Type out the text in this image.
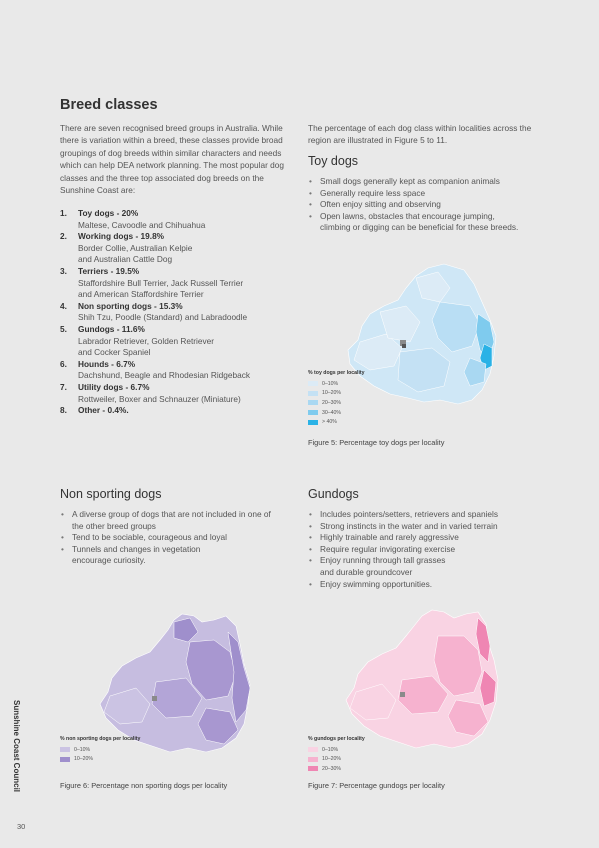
Breed classes

There are seven recognised breed groups in Australia. While there is variation within a breed, these classes provide broad groupings of dog breeds within similar characters and needs which can help DEA network planning. The most popular dog classes and the three top associated dog breeds on the Sunshine Coast are:

1. Toy dogs - 20%
Maltese, Cavoodle and Chihuahua
2. Working dogs - 19.8%
Border Collie, Australian Kelpie
and Australian Cattle Dog
3. Terriers - 19.5%
Staffordshire Bull Terrier, Jack Russell Terrier
and American Staffordshire Terrier
4. Non sporting dogs - 15.3%
Shih Tzu, Poodle (Standard) and Labradoodle
5. Gundogs - 11.6%
Labrador Retriever, Golden Retriever
and Cocker Spaniel
6. Hounds - 6.7%
Dachshund, Beagle and Rhodesian Ridgeback
7. Utility dogs - 6.7%
Rottweiler, Boxer and Schnauzer (Miniature)
8. Other - 0.4%.

The percentage of each dog class within localities across the region are illustrated in Figure 5 to 11.

Toy dogs
• Small dogs generally kept as companion animals
• Generally require less space
• Often enjoy sitting and observing
• Open lawns, obstacles that encourage jumping,
climbing or digging can be beneficial for these breeds.
% toy dogs per locality
0–10%
10–20%
20–30%
30–40%
> 40%
Figure 5: Percentage toy dogs per locality
Non sporting dogs
• A diverse group of dogs that are not included in one of
the other breed groups
• Tend to be sociable, courageous and loyal
• Tunnels and changes in vegetation
encourage curiosity.
% non sporting dogs per locality
0–10%
10–20%
Figure 6: Percentage non sporting dogs per locality
Gundogs
• Includes pointers/setters, retrievers and spaniels
• Strong instincts in the water and in varied terrain
• Highly trainable and rarely aggressive
• Require regular invigorating exercise
• Enjoy running through tall grasses
and durable groundcover
• Enjoy swimming opportunities.
% gundogs per locality
0–10%
10–20%
20–30%
Figure 7: Percentage gundogs per locality
Sunshine Coast Council
30
